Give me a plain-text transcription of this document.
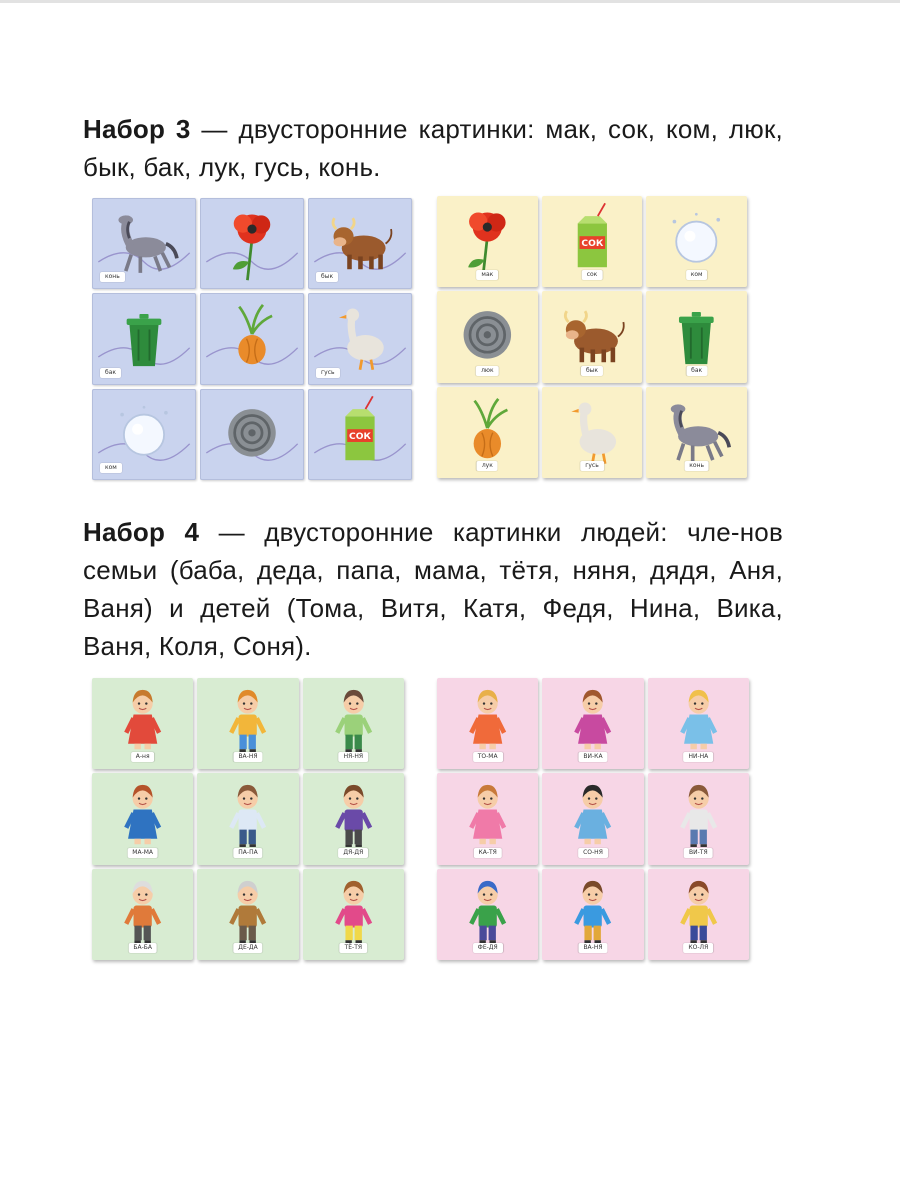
Набор 3 — двусторонние картинки: мак, сок, ком, люк, бык, бак, лук, гусь, конь.

конь	бык
бак	гусь
ком
СОК
мак
СОК
сок	ком
люк	бык	бак
лук	гусь	конь

Набор 4 — двусторонние картинки людей: чле-нов семьи (баба, деда, папа, мама, тётя, няня, дядя, Аня, Ваня) и детей (Тома, Витя, Катя, Федя, Нина, Вика, Ваня, Коля, Соня).

А-ня	ВА-НЯ	НЯ-НЯ
МА-МА	ПА-ПА	ДЯ-ДЯ
БА-БА	ДЕ-ДА	ТЁ-ТЯ
ТО-МА	ВИ-КА	НИ-НА
КА-ТЯ	СО-НЯ	ВИ-ТЯ
ФЕ-ДЯ	ВА-НЯ	КО-ЛЯ
